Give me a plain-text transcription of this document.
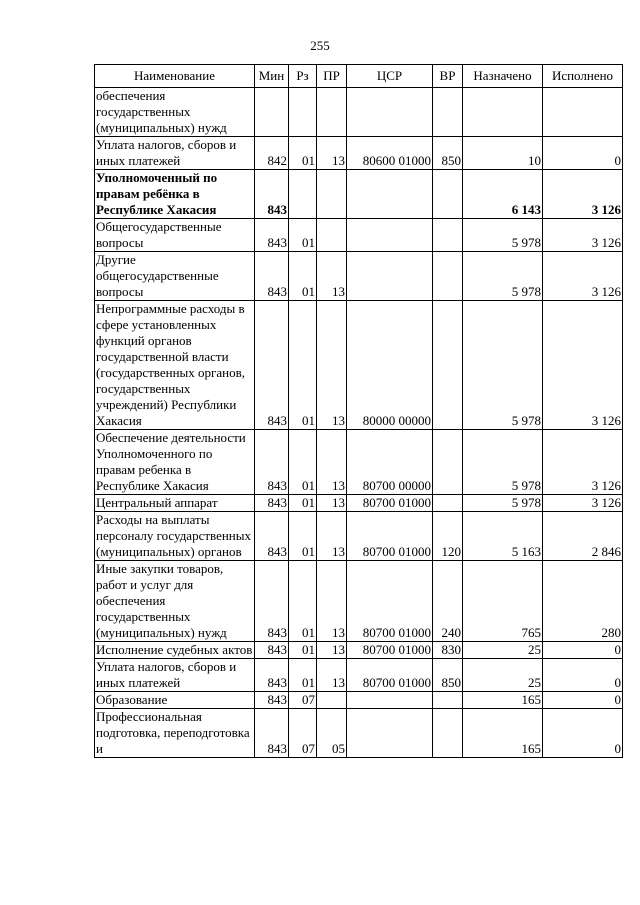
255
Наименование	Мин	Рз	ПР	ЦСР	ВР	Назначено	Исполнено
обеспечения государственных (муниципальных) нужд							
Уплата налогов, сборов и иных платежей	842	01	13	80600 01000	850	10	0
Уполномоченный по правам ребёнка в Республике Хакасия	843					6 143	3 126
Общегосударственные вопросы	843	01				5 978	3 126
Другие общегосударственные вопросы	843	01	13			5 978	3 126
Непрограммные расходы в сфере установленных функций органов государственной власти (государственных органов, государственных учреждений) Республики Хакасия	843	01	13	80000 00000		5 978	3 126
Обеспечение деятельности Уполномоченного по правам ребенка в Республике Хакасия	843	01	13	80700 00000		5 978	3 126
Центральный аппарат	843	01	13	80700 01000		5 978	3 126
Расходы на выплаты персоналу государственных (муниципальных) органов	843	01	13	80700 01000	120	5 163	2 846
Иные закупки товаров, работ и услуг для обеспечения государственных (муниципальных) нужд	843	01	13	80700 01000	240	765	280
Исполнение судебных актов	843	01	13	80700 01000	830	25	0
Уплата налогов, сборов и иных платежей	843	01	13	80700 01000	850	25	0
Образование	843	07				165	0
Профессиональная подготовка, переподготовка и	843	07	05			165	0
